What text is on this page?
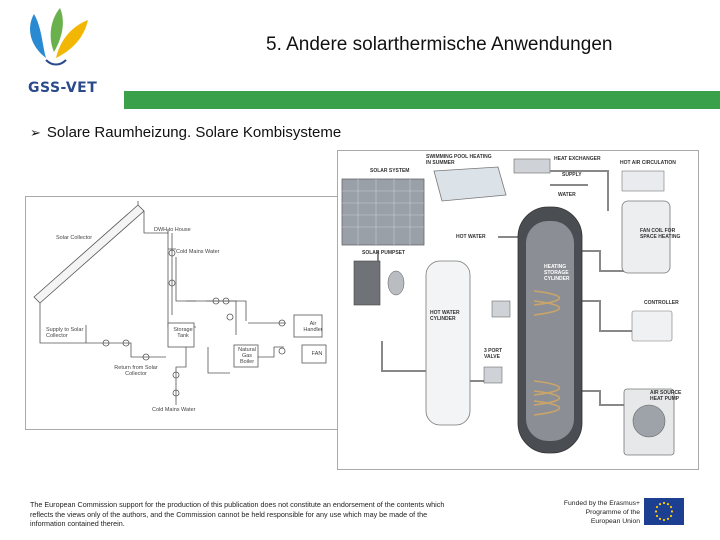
GSS-VET
5. Andere solarthermische Anwendungen
➢ Solare Raumheizung. Solare Kombisysteme
Solar Collector
DWH to House
Cold Mains Water
Supply to Solar Collector
Storage Tank
Air Handler
Natural Gas Boiler
FAN
Return from Solar Collector
Cold Mains Water
SOLAR SYSTEM
SWIMMING POOL HEATING IN SUMMER
HEAT EXCHANGER
HOT AIR CIRCULATION
SUPPLY
WATER
HOT WATER
HEATING STORAGE CYLINDER
FAN COIL FOR SPACE HEATING
SOLAR PUMPSET
HOT WATER CYLINDER
CONTROLLER
3 PORT VALVE
AIR SOURCE HEAT PUMP
The European Commission support for the production of this publication does not constitute an endorsement of the contents which reflects the views only of the authors, and the Commission cannot be held responsible for any use which may be made of the information contained therein.
Funded by the Erasmus+ Programme of the European Union
